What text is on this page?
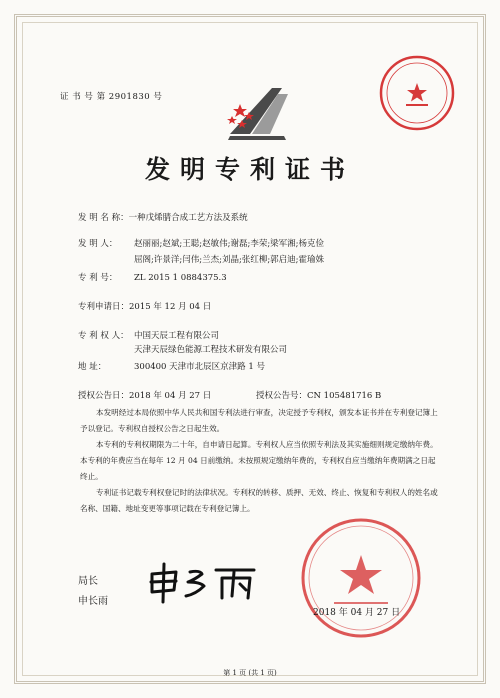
证 书 号 第 2901830 号
发明专利证书
发 明 名 称：一种戊烯腈合成工艺方法及系统
发 明 人： 赵丽丽;赵斌;王聪;赵敏伟;谢磊;李荣;梁军湘;杨克俭
屈阁;许景洋;闫伟;兰杰;刘晶;张红柳;郭启迪;霍瑜姝
专 利 号： ZL 2015 1 0884375.3
专利申请日：2015 年 12 月 04 日
专 利 权 人： 中国天辰工程有限公司
天津天辰绿色能源工程技术研发有限公司
地 址：	300400 天津市北辰区京津路 1 号
授权公告日：2018 年 04 月 27 日	授权公告号：CN 105481716 B

本发明经过本局依照中华人民共和国专利法进行审查，决定授予专利权，颁发本证书并在专利登记簿上予以登记。专利权自授权公告之日起生效。

本专利的专利权期限为二十年，自申请日起算。专利权人应当依照专利法及其实施细则规定缴纳年费。本专利的年费应当在每年 12 月 04 日前缴纳。未按照规定缴纳年费的，专利权自应当缴纳年费期满之日起终止。

专利证书记载专利权登记时的法律状况。专利权的转移、质押、无效、终止、恢复和专利权人的姓名或名称、国籍、地址变更等事项记载在专利登记簿上。

局长
申长雨
2018 年 04 月 27 日
第 1 页 (共 1 页)
